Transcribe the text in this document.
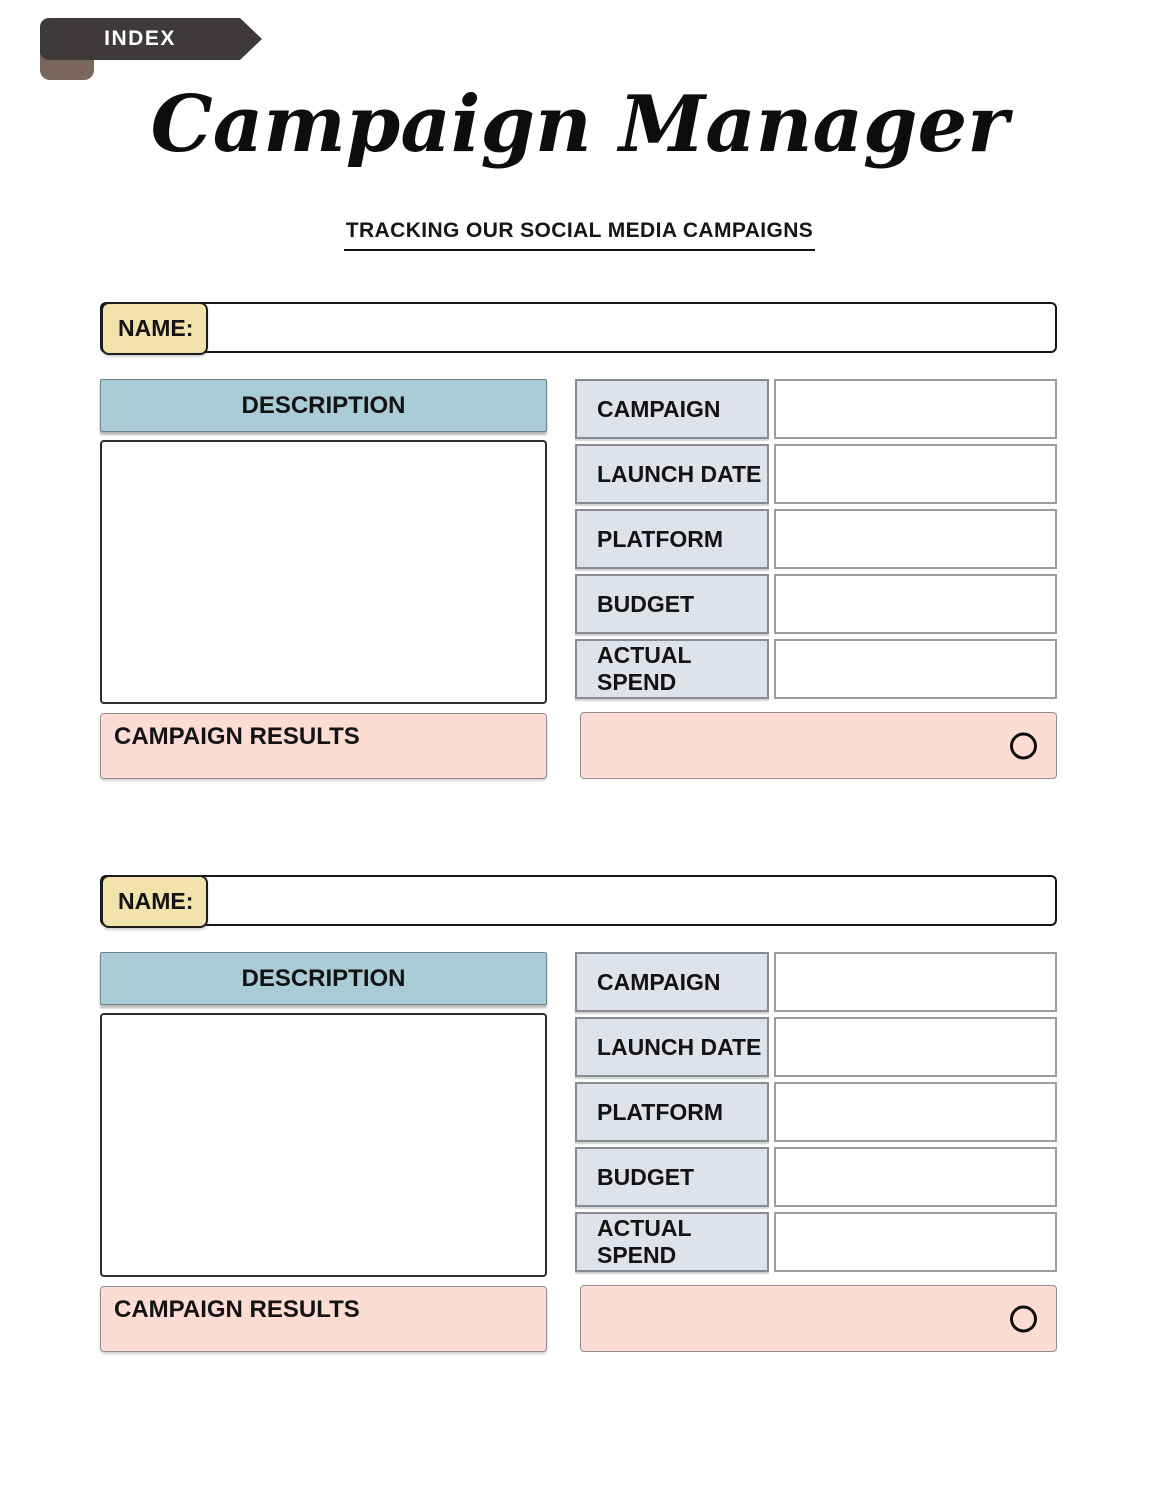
INDEX
Campaign Manager
TRACKING OUR SOCIAL MEDIA CAMPAIGNS
NAME:
DESCRIPTION
CAMPAIGN RESULTS
CAMPAIGN
LAUNCH DATE
PLATFORM
BUDGET
ACTUAL SPEND
NAME:
DESCRIPTION
CAMPAIGN RESULTS
CAMPAIGN
LAUNCH DATE
PLATFORM
BUDGET
ACTUAL SPEND
